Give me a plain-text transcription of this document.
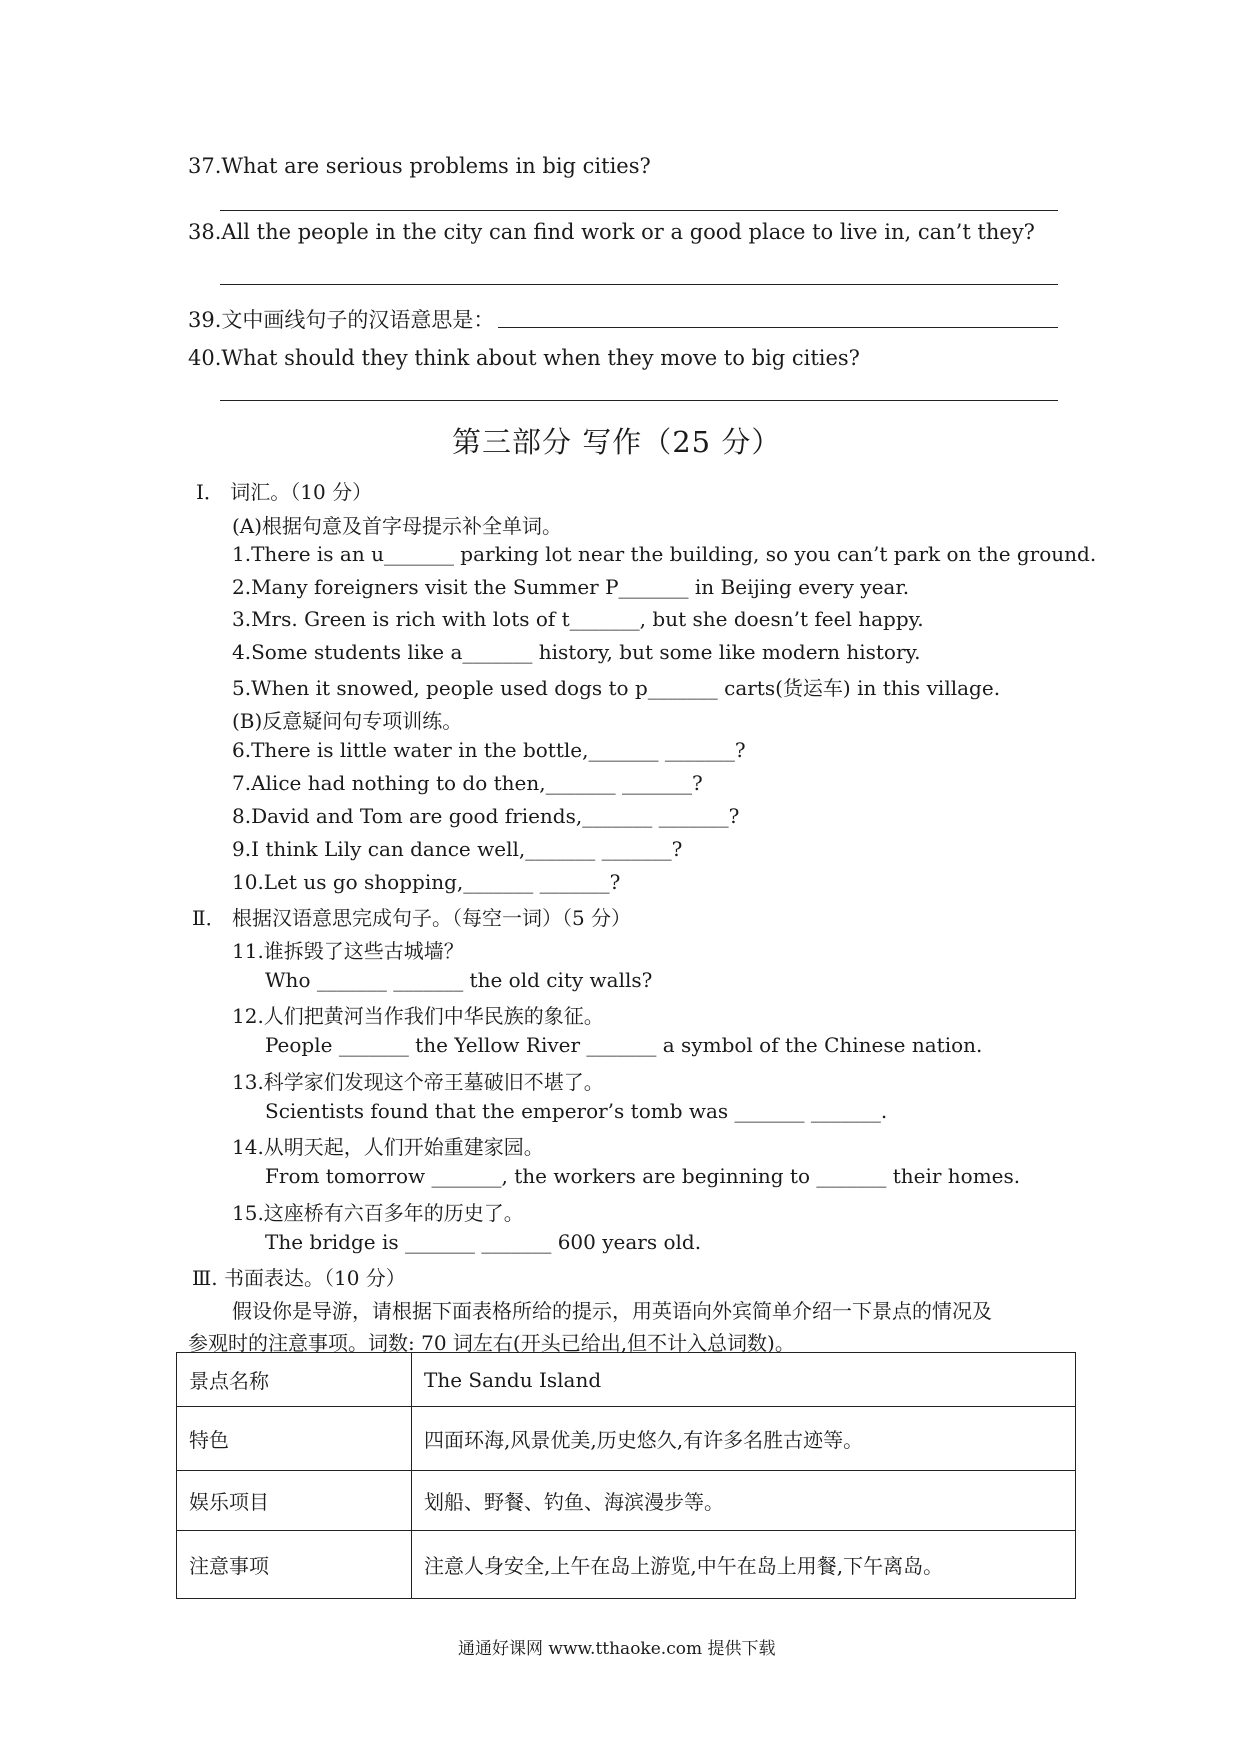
37.What are serious problems in big cities?
38.All the people in the city can find work or a good place to live in, can’t they?
39.文中画线句子的汉语意思是：
40.What should they think about when they move to big cities?
第三部分 写作（25 分）
Ⅰ． 词汇。（10 分）
(A)根据句意及首字母提示补全单词。
1.There is an u_______ parking lot near the building, so you can’t park on the ground.
2.Many foreigners visit the Summer P_______ in Beijing every year.
3.Mrs. Green is rich with lots of t_______, but she doesn’t feel happy.
4.Some students like a_______ history, but some like modern history.
5.When it snowed, people used dogs to p_______ carts(货运车) in this village.
(B)反意疑问句专项训练。
6.There is little water in the bottle,_______ _______?
7.Alice had nothing to do then,_______ _______?
8.David and Tom are good friends,_______ _______?
9.I think Lily can dance well,_______ _______?
10.Let us go shopping,_______ _______?
Ⅱ． 根据汉语意思完成句子。（每空一词）（5 分）
11.谁拆毁了这些古城墙？
Who _______ _______ the old city walls?
12.人们把黄河当作我们中华民族的象征。
People _______ the Yellow River _______ a symbol of the Chinese nation.
13.科学家们发现这个帝王墓破旧不堪了。
Scientists found that the emperor’s tomb was _______ _______.
14.从明天起，人们开始重建家园。
From tomorrow _______, the workers are beginning to _______ their homes.
15.这座桥有六百多年的历史了。
The bridge is _______ _______ 600 years old.
Ⅲ. 书面表达。（10 分）
假设你是导游，请根据下面表格所给的提示，用英语向外宾简单介绍一下景点的情况及
参观时的注意事项。词数: 70 词左右(开头已给出,但不计入总词数)。
景点名称	The Sandu Island
特色	四面环海,风景优美,历史悠久,有许多名胜古迹等。
娱乐项目	划船、野餐、钓鱼、海滨漫步等。
注意事项	注意人身安全,上午在岛上游览,中午在岛上用餐,下午离岛。
通通好课网 www.tthaoke.com 提供下载
